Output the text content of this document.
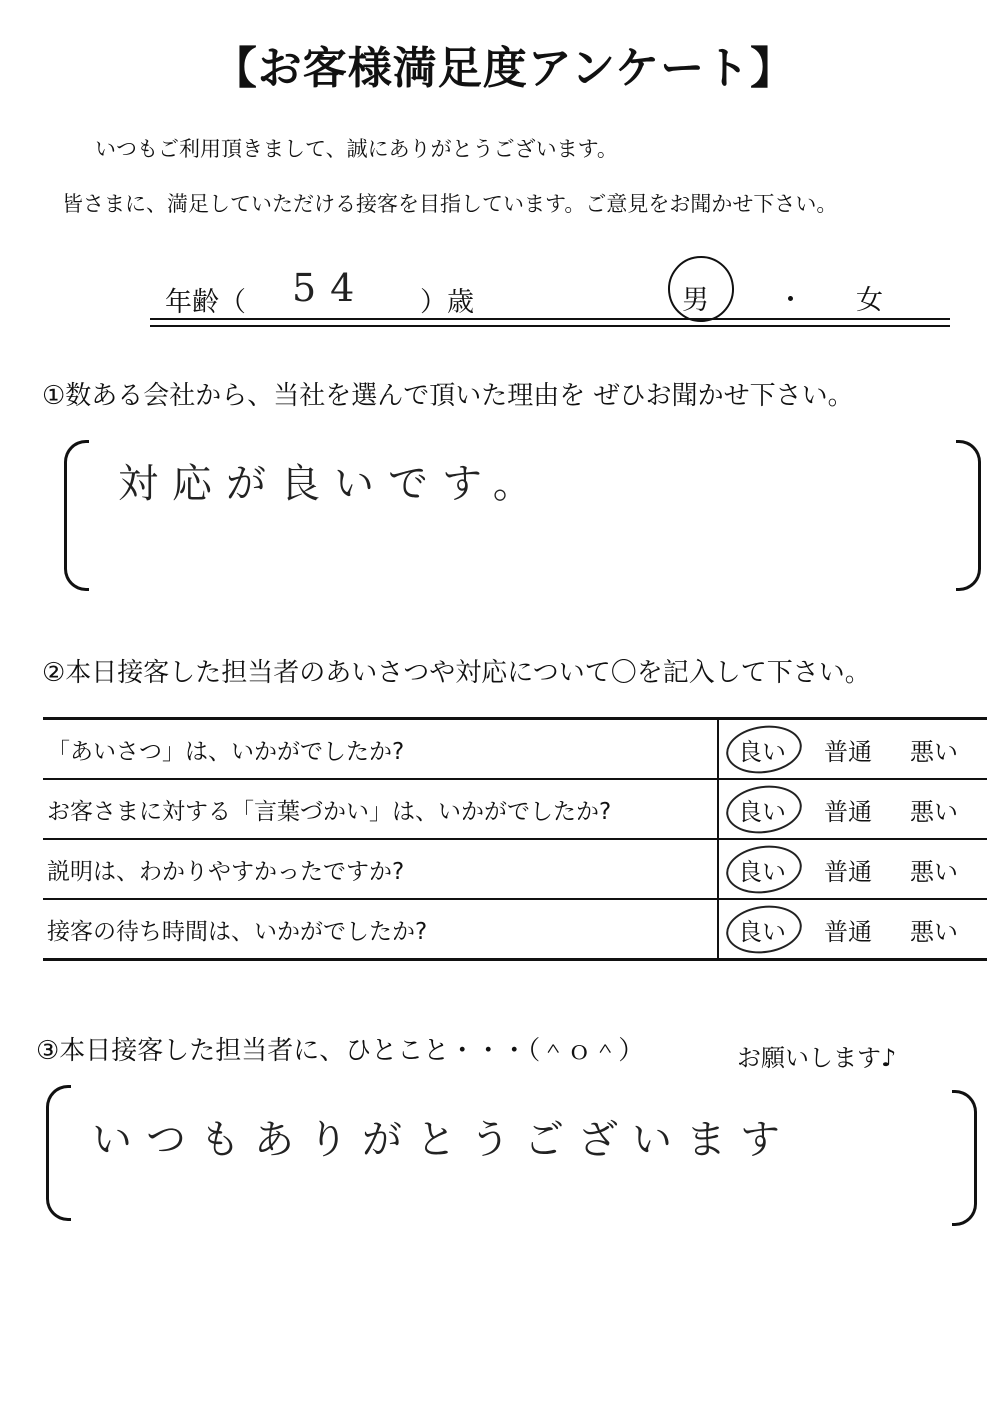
【お客様満足度アンケート】
いつもご利用頂きまして、誠にありがとうございます。
皆さまに、満足していただける接客を目指しています。ご意見をお聞かせ下さい。
年齢（ 54 ）歳	男	・ 女
①数ある会社から、当社を選んで頂いた理由を ぜひお聞かせ下さい。
対応が良いです。
②本日接客した担当者のあいさつや対応について〇を記入して下さい。
「あいさつ」は、いかがでしたか?	良い 普通 悪い

お客さまに対する「言葉づかい」は、いかがでしたか?	良い 普通 悪い

説明は、わかりやすかったですか?	良い 普通 悪い

接客の待ち時間は、いかがでしたか?	良い 普通 悪い
③本日接客した担当者に、ひとこと・・・（＾ｏ＾）	お願いします♪
いつもありがとうございます
